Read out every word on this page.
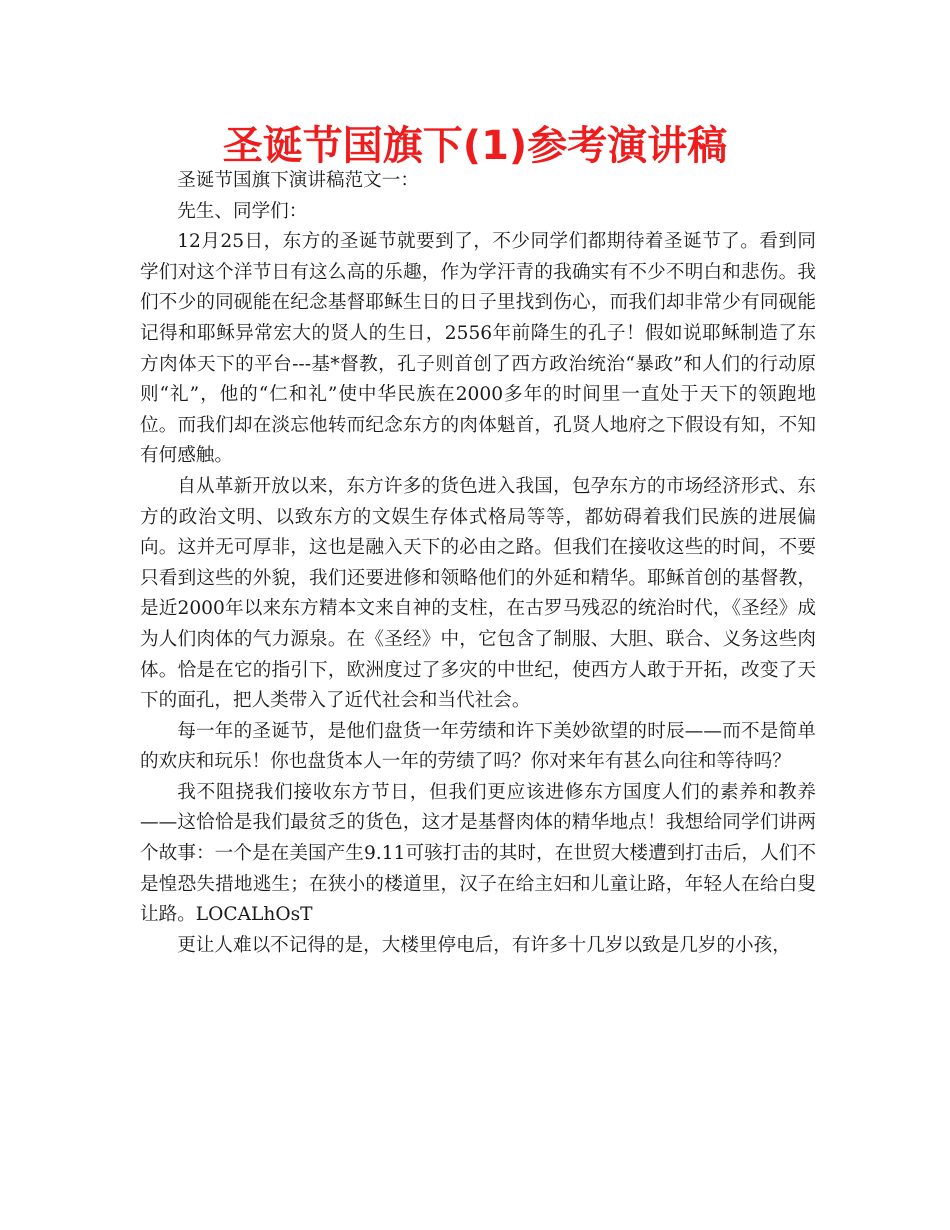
圣诞节国旗下(1)参考演讲稿

圣诞节国旗下演讲稿范文一：

先生、同学们：

12月25日，东方的圣诞节就要到了，不少同学们都期待着圣诞节了。看到同学们对这个洋节日有这么高的乐趣，作为学汗青的我确实有不少不明白和悲伤。我们不少的同砚能在纪念基督耶稣生日的日子里找到伤心，而我们却非常少有同砚能记得和耶稣异常宏大的贤人的生日，2556年前降生的孔子！假如说耶稣制造了东方肉体天下的平台---基*督教，孔子则首创了西方政治统治“暴政”和人们的行动原则“礼”，他的“仁和礼”使中华民族在2000多年的时间里一直处于天下的领跑地位。而我们却在淡忘他转而纪念东方的肉体魁首，孔贤人地府之下假设有知，不知有何感触。

自从革新开放以来，东方许多的货色进入我国，包孕东方的市场经济形式、东方的政治文明、以致东方的文娱生存体式格局等等，都妨碍着我们民族的进展偏向。这并无可厚非，这也是融入天下的必由之路。但我们在接收这些的时间，不要只看到这些的外貌，我们还要进修和领略他们的外延和精华。耶稣首创的基督教，是近2000年以来东方精本文来自神的支柱，在古罗马残忍的统治时代，《圣经》成为人们肉体的气力源泉。在《圣经》中，它包含了制服、大胆、联合、义务这些肉体。恰是在它的指引下，欧洲度过了多灾的中世纪，使西方人敢于开拓，改变了天下的面孔，把人类带入了近代社会和当代社会。

每一年的圣诞节，是他们盘货一年劳绩和许下美妙欲望的时辰——而不是简单的欢庆和玩乐！你也盘货本人一年的劳绩了吗？你对来年有甚么向往和等待吗？

我不阻挠我们接收东方节日，但我们更应该进修东方国度人们的素养和教养——这恰恰是我们最贫乏的货色，这才是基督肉体的精华地点！我想给同学们讲两个故事：一个是在美国产生9.11可骇打击的其时，在世贸大楼遭到打击后，人们不是惶恐失措地逃生；在狭小的楼道里，汉子在给主妇和儿童让路，年轻人在给白叟让路。LOCALhOsT

更让人难以不记得的是，大楼里停电后，有许多十几岁以致是几岁的小孩，
